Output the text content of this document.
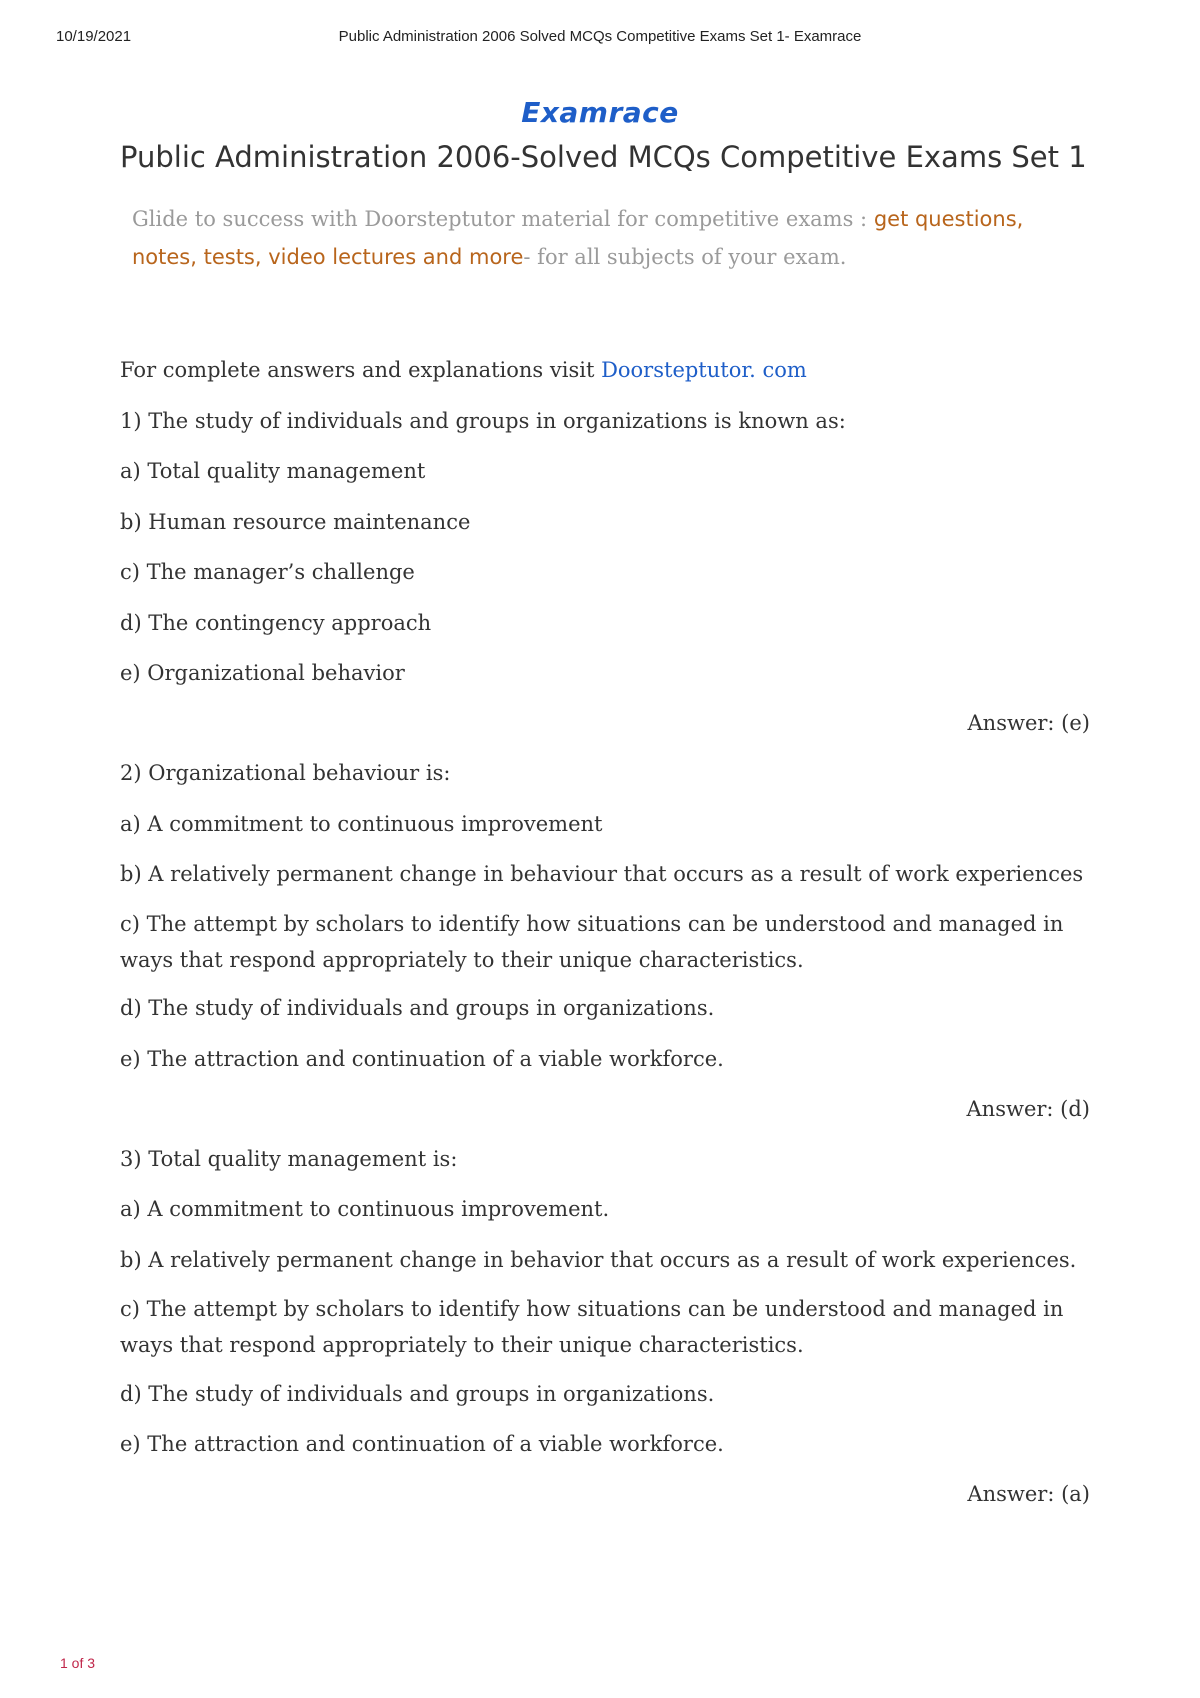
10/19/2021	Public Administration 2006 Solved MCQs Competitive Exams Set 1- Examrace
Examrace
Public Administration 2006-Solved MCQs Competitive Exams Set 1
Glide to success with Doorsteptutor material for competitive exams : get questions, notes, tests, video lectures and more- for all subjects of your exam.
For complete answers and explanations visit Doorsteptutor. com
1) The study of individuals and groups in organizations is known as:
a) Total quality management
b) Human resource maintenance
c) The manager’s challenge
d) The contingency approach
e) Organizational behavior
Answer: (e)
2) Organizational behaviour is:
a) A commitment to continuous improvement
b) A relatively permanent change in behaviour that occurs as a result of work experiences
c) The attempt by scholars to identify how situations can be understood and managed in ways that respond appropriately to their unique characteristics.
d) The study of individuals and groups in organizations.
e) The attraction and continuation of a viable workforce.
Answer: (d)
3) Total quality management is:
a) A commitment to continuous improvement.
b) A relatively permanent change in behavior that occurs as a result of work experiences.
c) The attempt by scholars to identify how situations can be understood and managed in ways that respond appropriately to their unique characteristics.
d) The study of individuals and groups in organizations.
e) The attraction and continuation of a viable workforce.
Answer: (a)
1 of 3
